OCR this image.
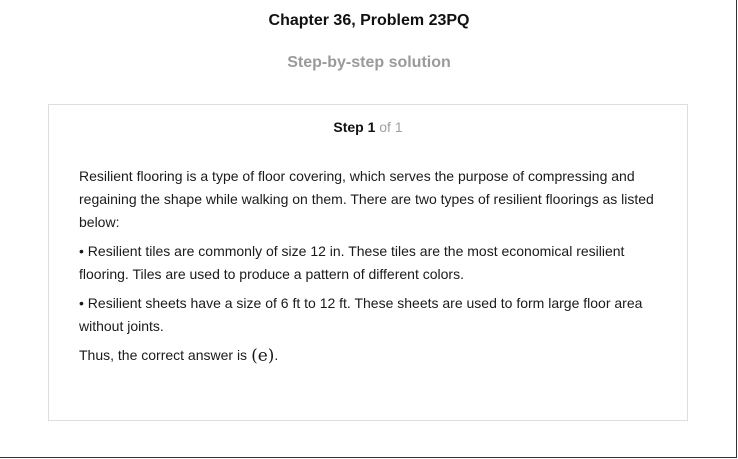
Chapter 36, Problem 23PQ
Step-by-step solution
Step 1 of 1

Resilient flooring is a type of floor covering, which serves the purpose of compressing and regaining the shape while walking on them. There are two types of resilient floorings as listed below:

• Resilient tiles are commonly of size 12 in. These tiles are the most economical resilient flooring. Tiles are used to produce a pattern of different colors.

• Resilient sheets have a size of 6 ft to 12 ft. These sheets are used to form large floor area without joints.

Thus, the correct answer is (e).
